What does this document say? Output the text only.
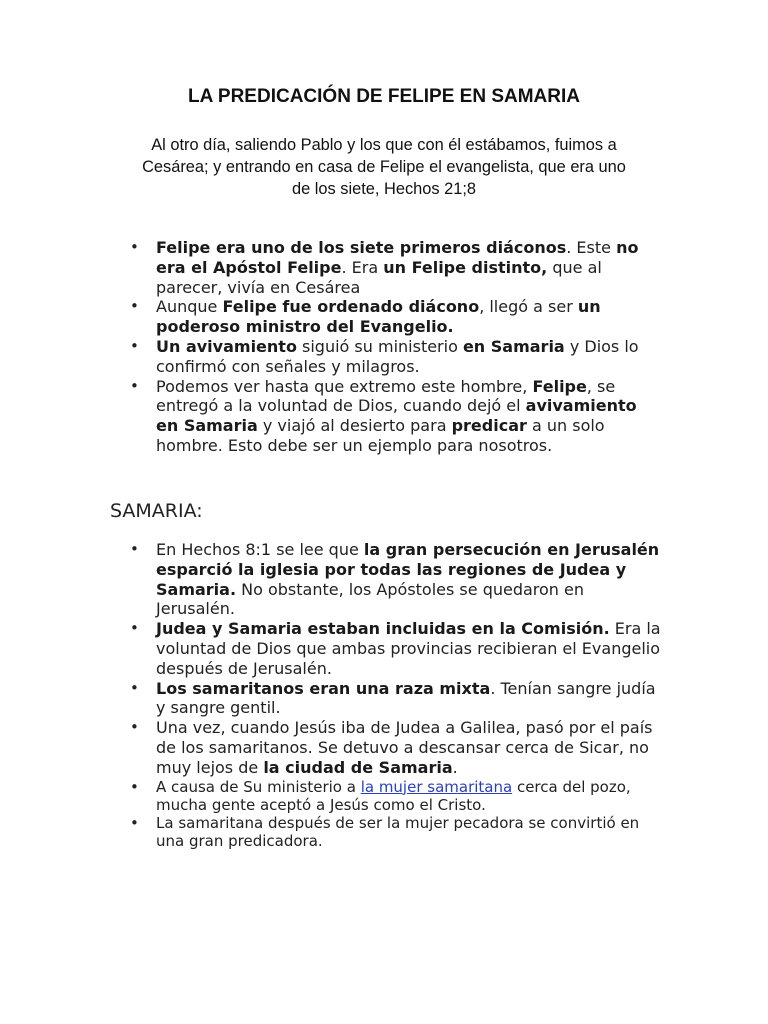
LA PREDICACIÓN DE FELIPE EN SAMARIA

Al otro día, saliendo Pablo y los que con él estábamos, fuimos a
Cesárea; y entrando en casa de Felipe el evangelista, que era uno
de los siete, Hechos 21;8

• Felipe era uno de los siete primeros diáconos. Este no era el Apóstol Felipe. Era un Felipe distinto, que al parecer, vivía en Cesárea
• Aunque Felipe fue ordenado diácono, llegó a ser un poderoso ministro del Evangelio.
• Un avivamiento siguió su ministerio en Samaria y Dios lo confirmó con señales y milagros.
• Podemos ver hasta que extremo este hombre, Felipe, se entregó a la voluntad de Dios, cuando dejó el avivamiento en Samaria y viajó al desierto para predicar a un solo hombre. Esto debe ser un ejemplo para nosotros.
SAMARIA:
• En Hechos 8:1 se lee que la gran persecución en Jerusalén esparció la iglesia por todas las regiones de Judea y Samaria. No obstante, los Apóstoles se quedaron en Jerusalén.
• Judea y Samaria estaban incluidas en la Comisión. Era la voluntad de Dios que ambas provincias recibieran el Evangelio después de Jerusalén.
• Los samaritanos eran una raza mixta. Tenían sangre judía y sangre gentil.
• Una vez, cuando Jesús iba de Judea a Galilea, pasó por el país de los samaritanos. Se detuvo a descansar cerca de Sicar, no muy lejos de la ciudad de Samaria.
• A causa de Su ministerio a la mujer samaritana cerca del pozo, mucha gente aceptó a Jesús como el Cristo.
• La samaritana después de ser la mujer pecadora se convirtió en una gran predicadora.
